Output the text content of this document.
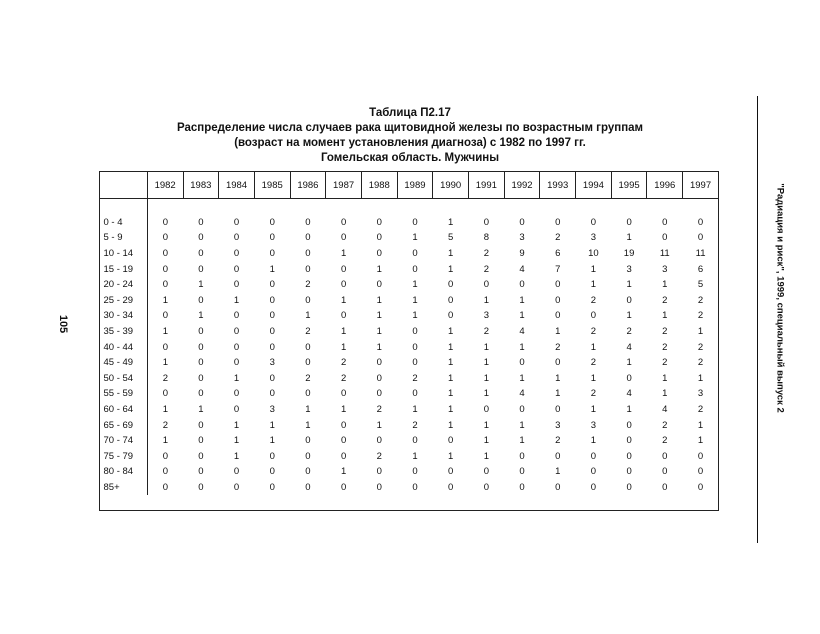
"Радиация и риск", 1999, специальный выпуск 2
105
Таблица П2.17
Распределение числа случаев рака щитовидной железы по возрастным группам
(возраст на момент установления диагноза) с 1982 по 1997 гг.
Гомельская область. Мужчины
	1982	1983	1984	1985	1986	1987	1988	1989	1990	1991	1992	1993	1994	1995	1996	1997

0 - 4	0	0	0	0	0	0	0	0	1	0	0	0	0	0	0	0
5 - 9	0	0	0	0	0	0	0	1	5	8	3	2	3	1	0	0
10 - 14	0	0	0	0	0	1	0	0	1	2	9	6	10	19	11	11
15 - 19	0	0	0	1	0	0	1	0	1	2	4	7	1	3	3	6
20 - 24	0	1	0	0	2	0	0	1	0	0	0	0	1	1	1	5
25 - 29	1	0	1	0	0	1	1	1	0	1	1	0	2	0	2	2
30 - 34	0	1	0	0	1	0	1	1	0	3	1	0	0	1	1	2
35 - 39	1	0	0	0	2	1	1	0	1	2	4	1	2	2	2	1
40 - 44	0	0	0	0	0	1	1	0	1	1	1	2	1	4	2	2
45 - 49	1	0	0	3	0	2	0	0	1	1	0	0	2	1	2	2
50 - 54	2	0	1	0	2	2	0	2	1	1	1	1	1	0	1	1
55 - 59	0	0	0	0	0	0	0	0	1	1	4	1	2	4	1	3
60 - 64	1	1	0	3	1	1	2	1	1	0	0	0	1	1	4	2
65 - 69	2	0	1	1	1	0	1	2	1	1	1	3	3	0	2	1
70 - 74	1	0	1	1	0	0	0	0	0	1	1	2	1	0	2	1
75 - 79	0	0	1	0	0	0	2	1	1	1	0	0	0	0	0	0
80 - 84	0	0	0	0	0	1	0	0	0	0	0	1	0	0	0	0
85+	0	0	0	0	0	0	0	0	0	0	0	0	0	0	0	0
